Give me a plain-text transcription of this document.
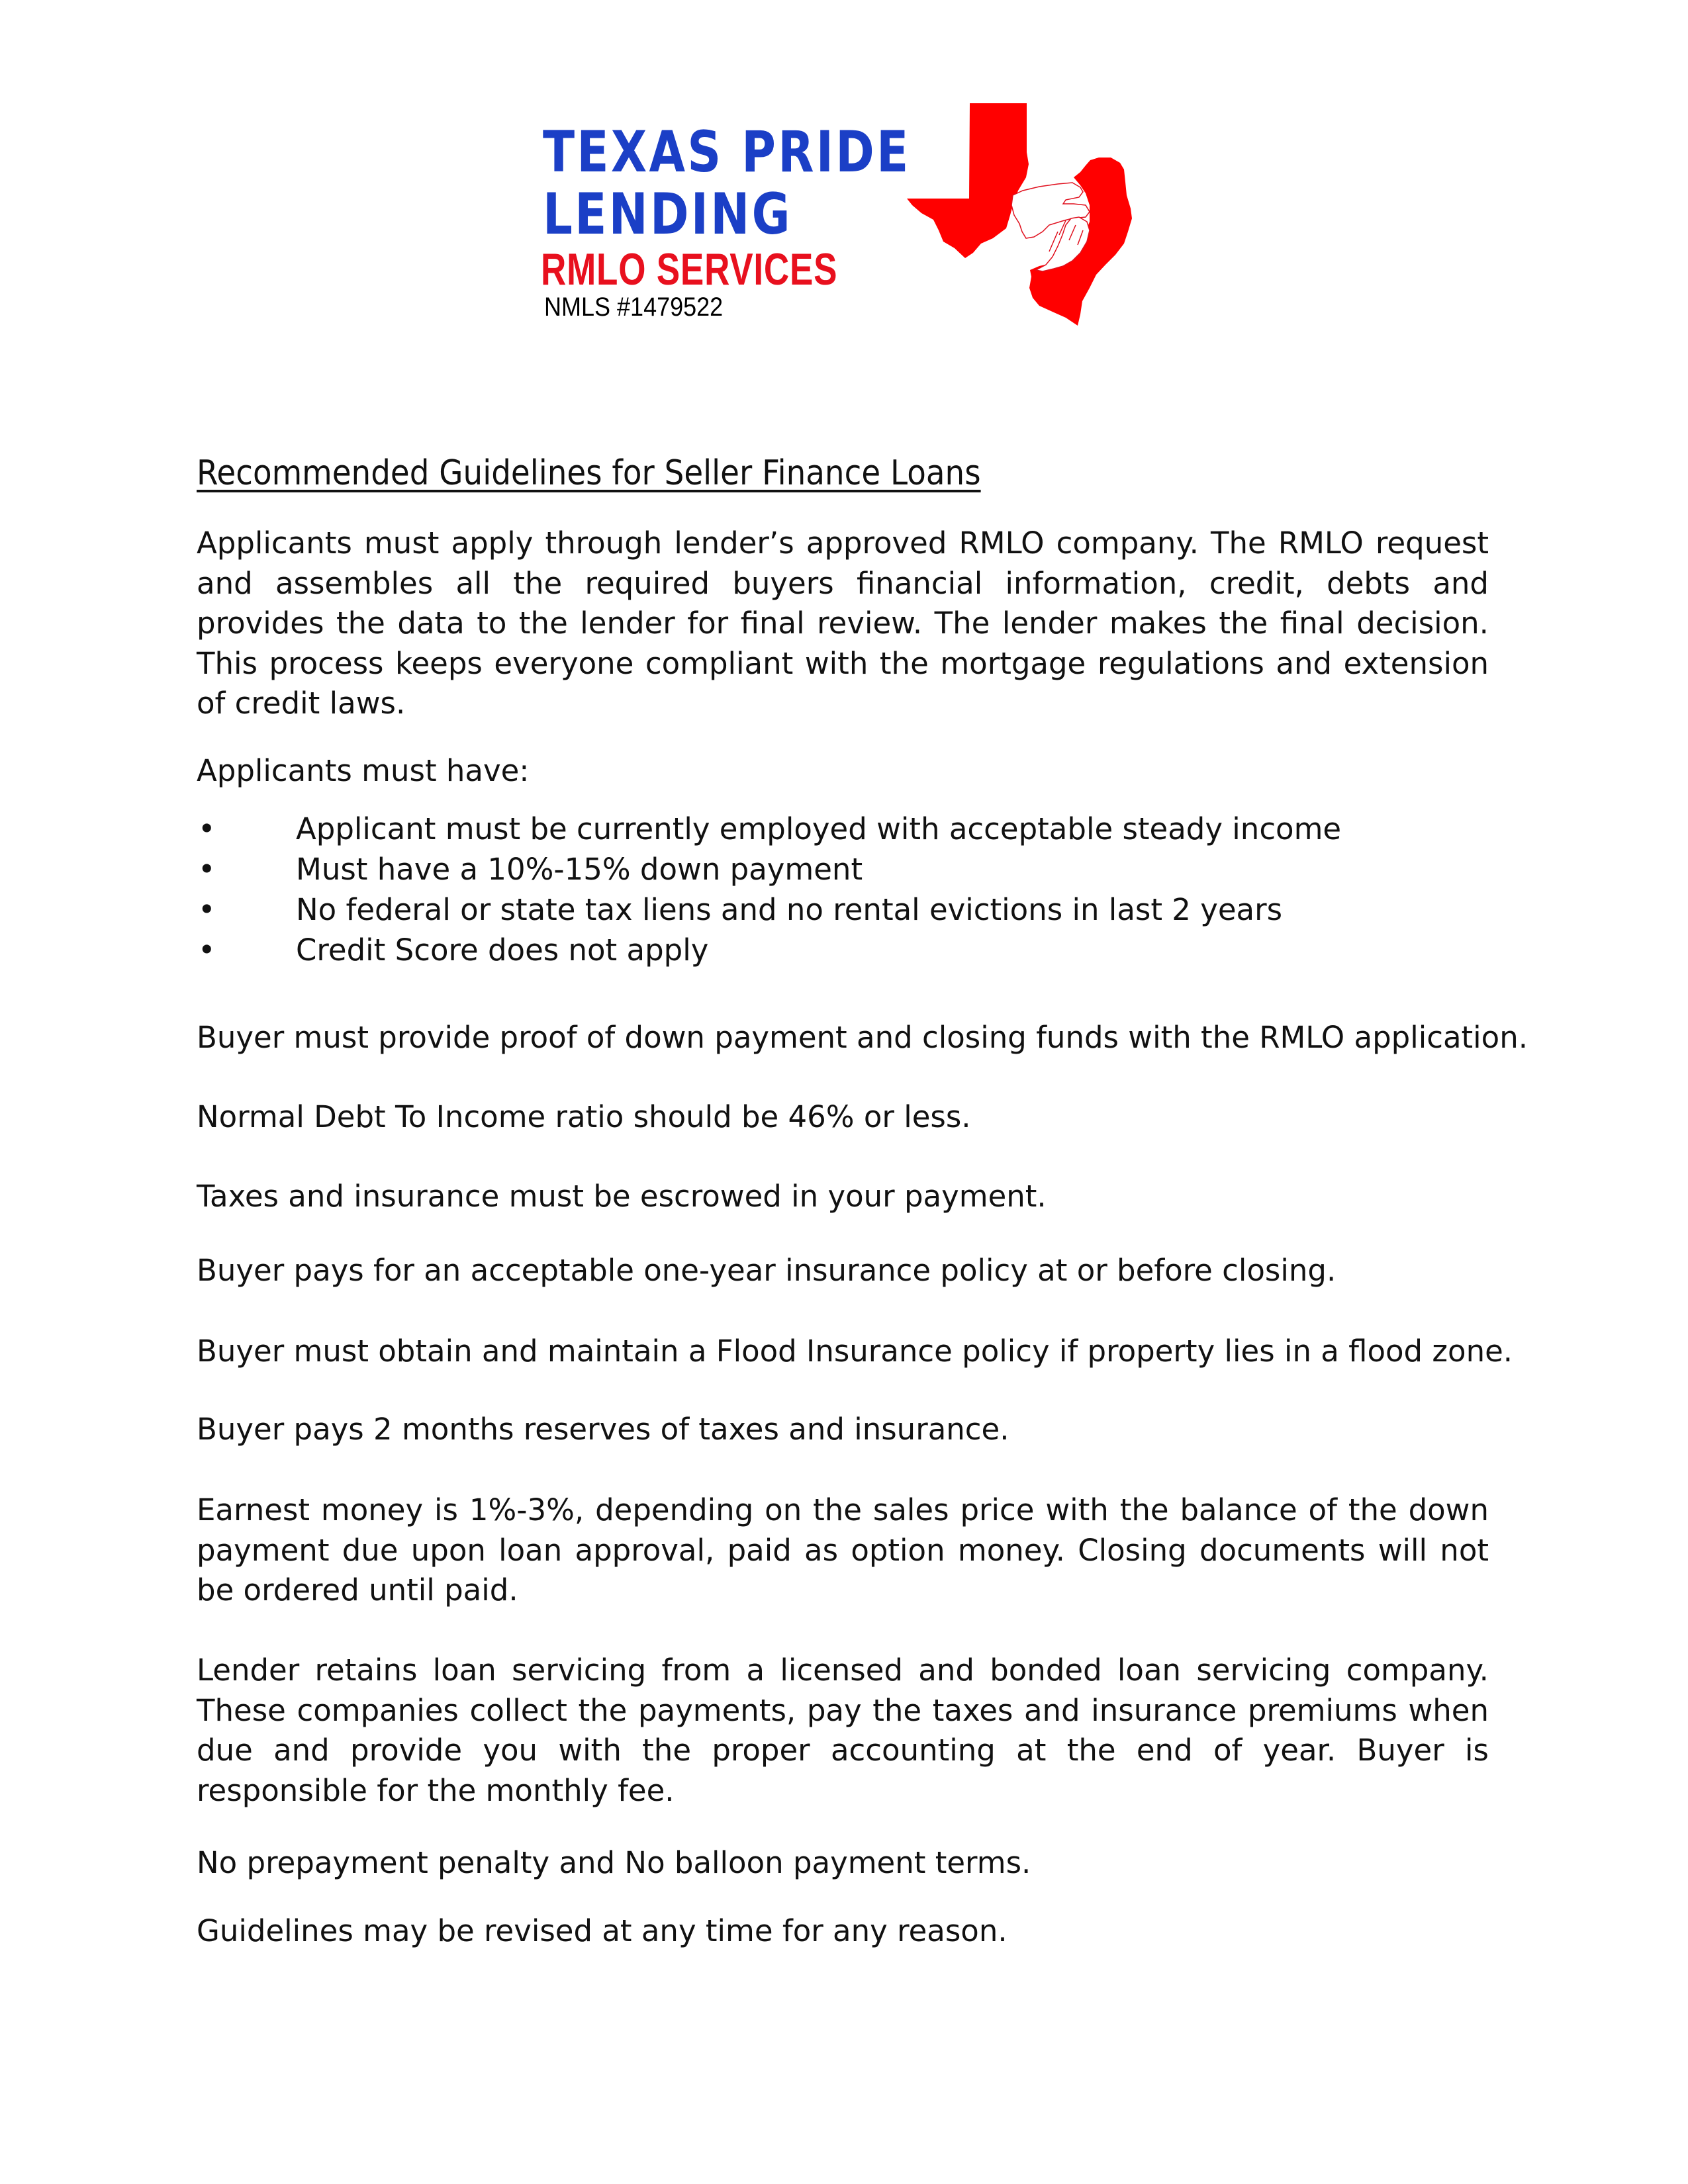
TEXAS PRIDE
LENDING
RMLO SERVICES
NMLS #1479522
Recommended Guidelines for Seller Finance Loans

Applicants must apply through lender’s approved RMLO company. The RMLO request and assembles all the required buyers financial information, credit, debts and provides the data to the lender for final review. The lender makes the final decision. This process keeps everyone compliant with the mortgage regulations and extension of credit laws.

Applicants must have:

•	Applicant must be currently employed with acceptable steady income
•	Must have a 10%-15% down payment
•	No federal or state tax liens and no rental evictions in last 2 years
•	Credit Score does not apply

Buyer must provide proof of down payment and closing funds with the RMLO application.

Normal Debt To Income ratio should be 46% or less.

Taxes and insurance must be escrowed in your payment.

Buyer pays for an acceptable one-year insurance policy at or before closing.

Buyer must obtain and maintain a Flood Insurance policy if property lies in a flood zone.

Buyer pays 2 months reserves of taxes and insurance.

Earnest money is 1%-3%, depending on the sales price with the balance of the down payment due upon loan approval, paid as option money. Closing documents will not be ordered until paid.

Lender retains loan servicing from a licensed and bonded loan servicing company. These companies collect the payments, pay the taxes and insurance premiums when due and provide you with the proper accounting at the end of year. Buyer is responsible for the monthly fee.

No prepayment penalty and No balloon payment terms.

Guidelines may be revised at any time for any reason.
